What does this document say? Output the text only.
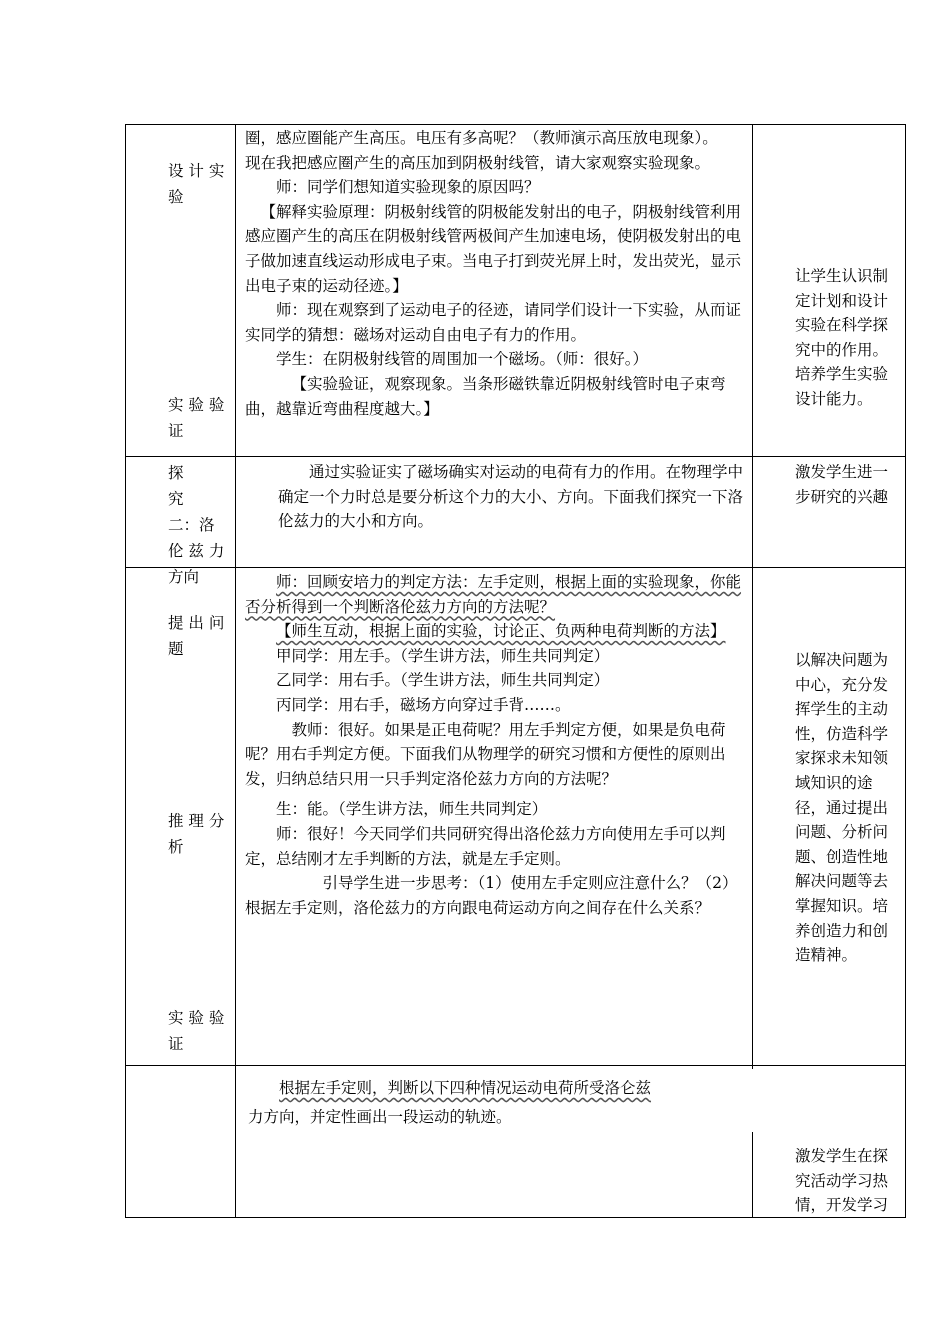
设 计 实
验
实 验 验
证

圈，感应圈能产生高压。电压有多高呢？（教师演示高压放电现象）。现在我把感应圈产生的高压加到阴极射线管，请大家观察实验现象。

师：同学们想知道实验现象的原因吗？

【解释实验原理：阴极射线管的阴极能发射出的电子，阴极射线管利用感应圈产生的高压在阴极射线管两极间产生加速电场，使阴极发射出的电子做加速直线运动形成电子束。当电子打到荧光屏上时，发出荧光，显示出电子束的运动径迹。】

师：现在观察到了运动电子的径迹，请同学们设计一下实验，从而证实同学的猜想：磁场对运动自由电子有力的作用。

学生：在阴极射线管的周围加一个磁场。（师：很好。）

【实验验证，观察现象。当条形磁铁靠近阴极射线管时电子束弯曲，越靠近弯曲程度越大。】

让学生认识制定计划和设计实验在科学探究中的作用。培养学生实验设计能力。

探　　究
二：洛
伦 兹 力
方向

通过实验证实了磁场确实对运动的电荷有力的作用。在物理学中确定一个力时总是要分析这个力的大小、方向。下面我们探究一下洛伦兹力的大小和方向。

激发学生进一步研究的兴趣

提 出 问
题
推 理 分
析
实 验 验
证

师：回顾安培力的判定方法：左手定则，根据上面的实验现象，你能否分析得到一个判断洛伦兹力方向的方法呢？

【师生互动，根据上面的实验，讨论正、负两种电荷判断的方法】

甲同学：用左手。（学生讲方法，师生共同判定）

乙同学：用右手。（学生讲方法，师生共同判定）

丙同学：用右手，磁场方向穿过手背……。

教师：很好。如果是正电荷呢？用左手判定方便，如果是负电荷呢？用右手判定方便。下面我们从物理学的研究习惯和方便性的原则出发，归纳总结只用一只手判定洛伦兹力方向的方法呢？

生：能。（学生讲方法，师生共同判定）

师：很好！今天同学们共同研究得出洛伦兹力方向使用左手可以判定，总结刚才左手判断的方法，就是左手定则。

引导学生进一步思考：（1）使用左手定则应注意什么？（2）根据左手定则，洛伦兹力的方向跟电荷运动方向之间存在什么关系？

以解决问题为中心，充分发挥学生的主动性，仿造科学家探求未知领域知识的途径，通过提出问题、分析问题、创造性地解决问题等去掌握知识。培养创造力和创造精神。

根据左手定则，判断以下四种情况运动电荷所受洛仑兹

力方向，并定性画出一段运动的轨迹。

激发学生在探究活动学习热情，开发学习
